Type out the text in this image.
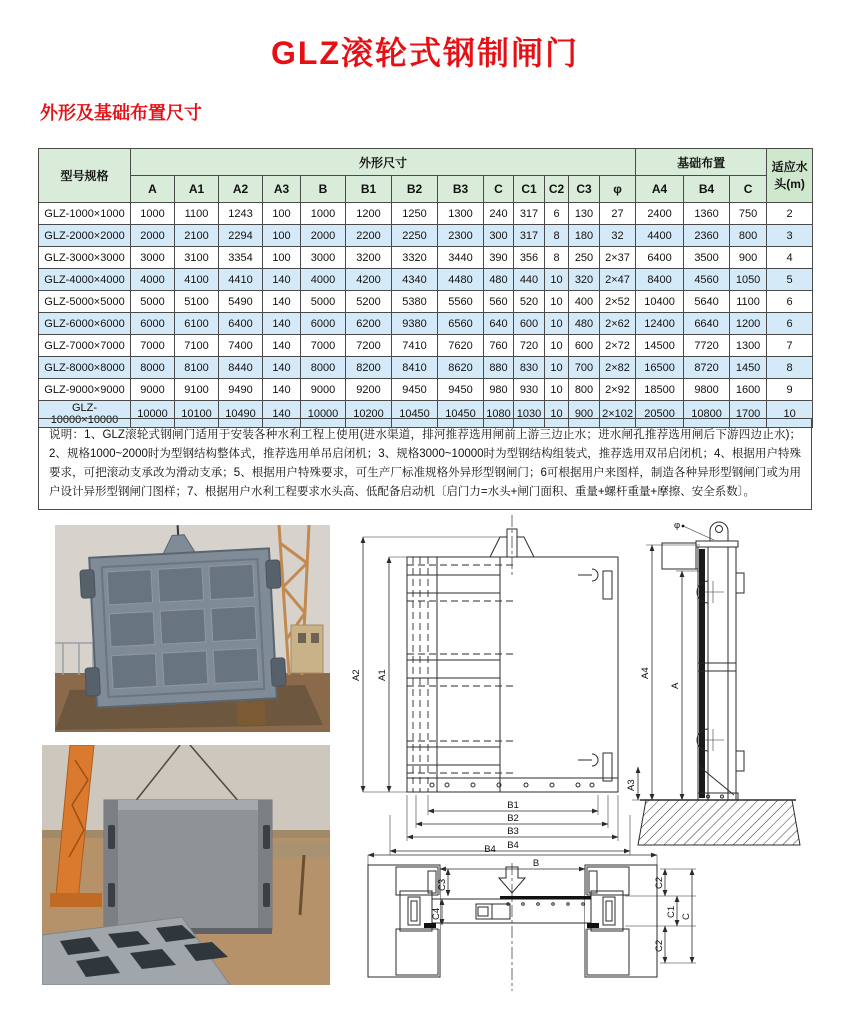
GLZ滚轮式钢制闸门
外形及基础布置尺寸
型号规格	外形尺寸													基础布置			适应水头(m)
	A	A1	A2	A3	B	B1	B2	B3	C	C1	C2	C3	φ	A4	B4	C	
GLZ-1000×1000	1000	1100	1243	100	1000	1200	1250	1300	240	317	6	130	27	2400	1360	750	2
GLZ-2000×2000	2000	2100	2294	100	2000	2200	2250	2300	300	317	8	180	32	4400	2360	800	3
GLZ-3000×3000	3000	3100	3354	100	3000	3200	3320	3440	390	356	8	250	2×37	6400	3500	900	4
GLZ-4000×4000	4000	4100	4410	140	4000	4200	4340	4480	480	440	10	320	2×47	8400	4560	1050	5
GLZ-5000×5000	5000	5100	5490	140	5000	5200	5380	5560	560	520	10	400	2×52	10400	5640	1100	6
GLZ-6000×6000	6000	6100	6400	140	6000	6200	9380	6560	640	600	10	480	2×62	12400	6640	1200	6
GLZ-7000×7000	7000	7100	7400	140	7000	7200	7410	7620	760	720	10	600	2×72	14500	7720	1300	7
GLZ-8000×8000	8000	8100	8440	140	8000	8200	8410	8620	880	830	10	700	2×82	16500	8720	1450	8
GLZ-9000×9000	9000	9100	9490	140	9000	9200	9450	9450	980	930	10	800	2×92	18500	9800	1600	9
GLZ-10000×10000	10000	10100	10490	140	10000	10200	10450	10450	1080	1030	10	900	2×102	20500	10800	1700	10
说明：1、GLZ滚轮式钢闸门适用于安装各种水利工程上使用(进水渠道，排河推荐选用闸前上游三边止水；进水闸孔推荐选用闸后下游四边止水)；2、规格1000~2000时为型钢结构整体式，推荐选用单吊启闭机；3、规格3000~10000时为型钢结构组装式，推荐选用双吊启闭机；4、根据用户特殊要求，可把滚动支承改为滑动支承；5、根据用户特殊要求，可生产厂标准规格外异形型钢闸门；6可根据用户来图样，制造各种异形型钢闸门或为用户设计异形型钢闸门图样；7、根据用户水利工程要求水头高、低配备启动机〔启门力=水头+闸门面积、重量+螺杆重量+摩擦、安全系数〕。
A2 A1
B1
B2
B3
B4
A3
A4
A
φ
B4
B
C3
C4
C2
C1
C2
C
